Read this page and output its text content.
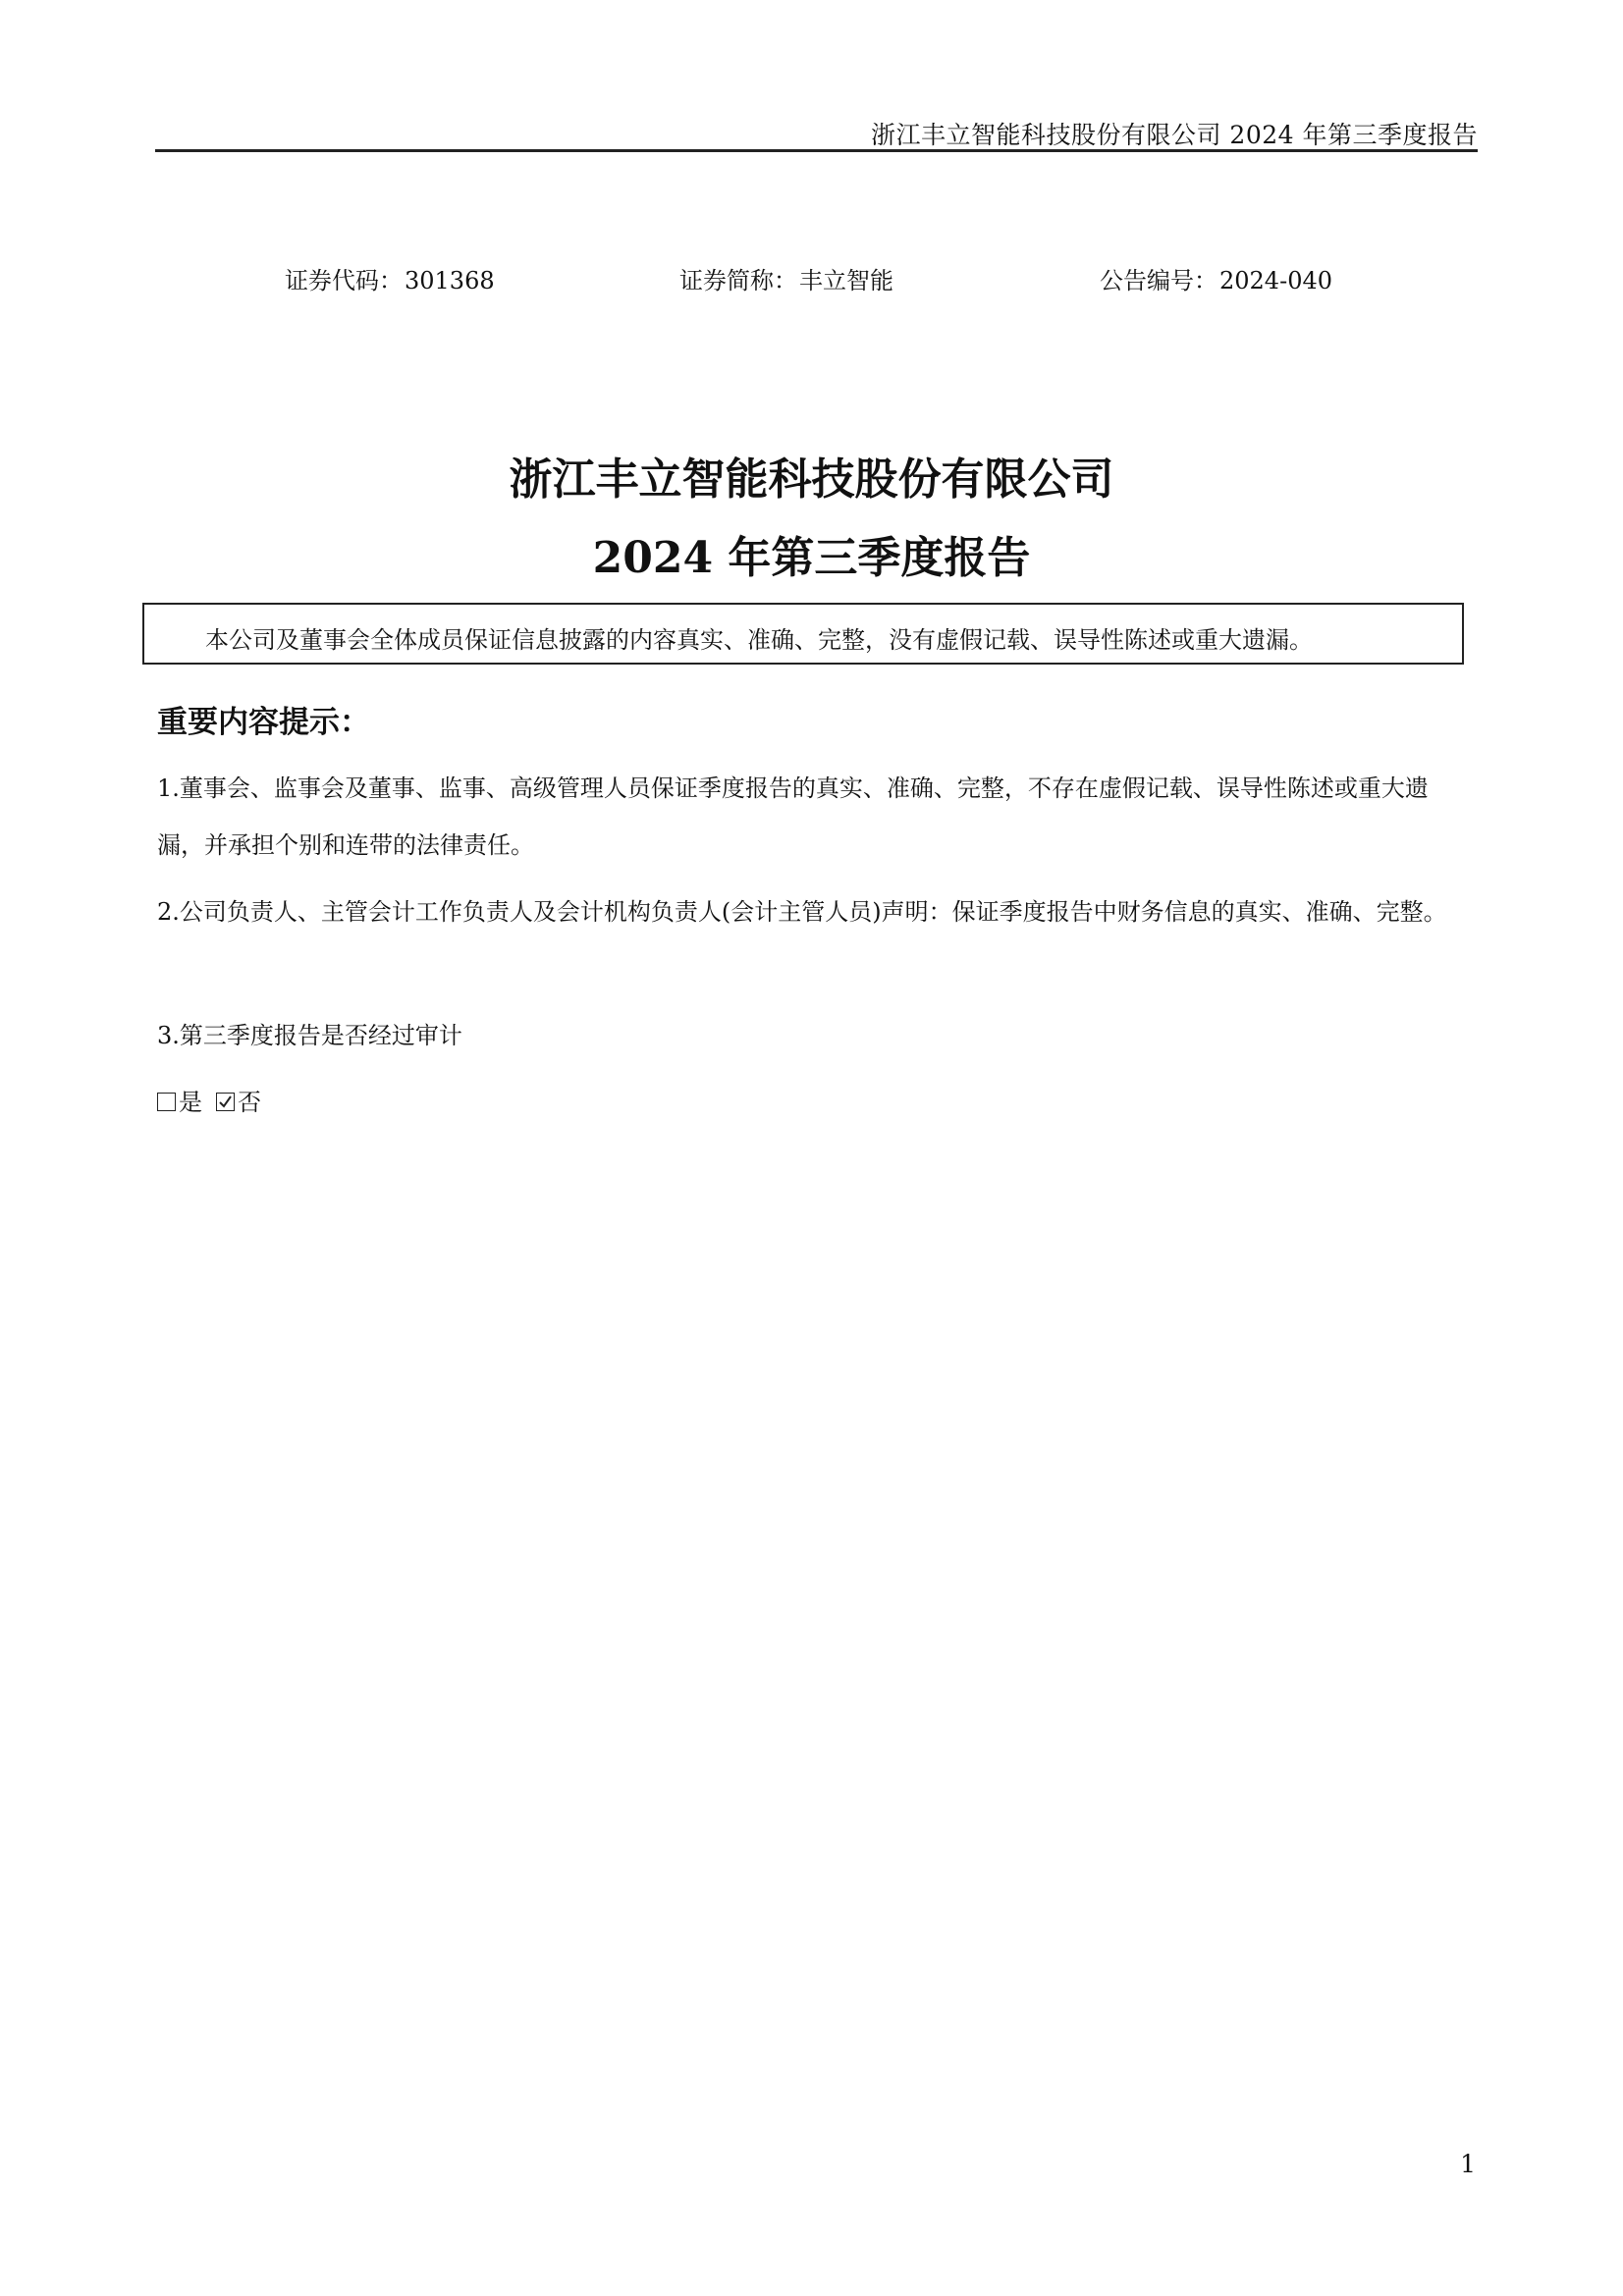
浙江丰立智能科技股份有限公司 2024 年第三季度报告
证券代码：301368	证券简称：丰立智能	公告编号：2024-040
浙江丰立智能科技股份有限公司
2024 年第三季度报告
本公司及董事会全体成员保证信息披露的内容真实、准确、完整，没有虚假记载、误导性陈述或重大遗漏。
重要内容提示：
1.董事会、监事会及董事、监事、高级管理人员保证季度报告的真实、准确、完整，不存在虚假记载、误导性陈述或重大遗漏，并承担个别和连带的法律责任。
2.公司负责人、主管会计工作负责人及会计机构负责人(会计主管人员)声明：保证季度报告中财务信息的真实、准确、完整。
3.第三季度报告是否经过审计
是 否
1
